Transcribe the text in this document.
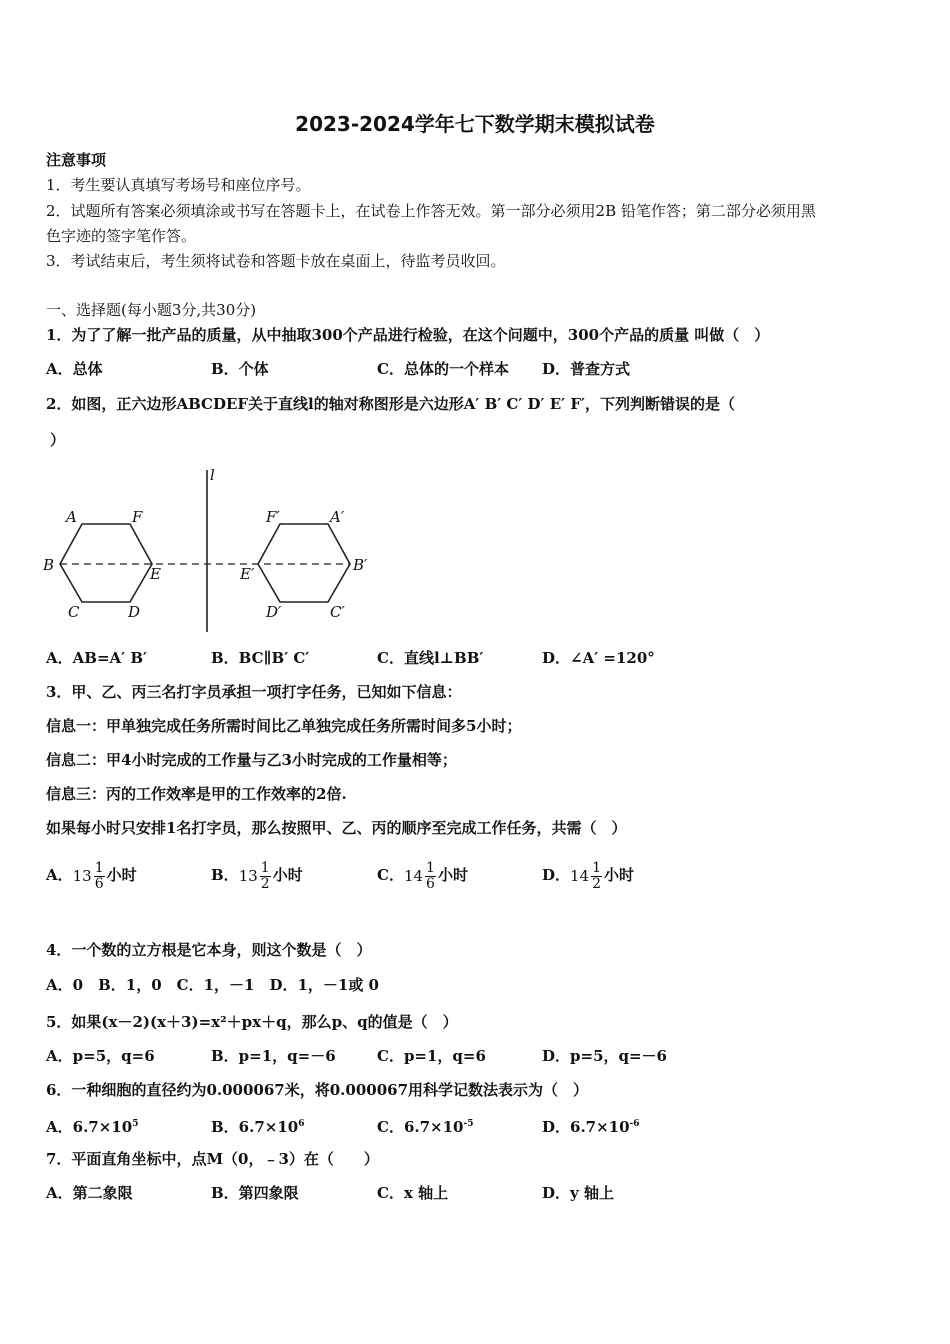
2023-2024学年七下数学期末模拟试卷
注意事项
1．考生要认真填写考场号和座位序号。
2．试题所有答案必须填涂或书写在答题卡上，在试卷上作答无效。第一部分必须用2B 铅笔作答；第二部分必须用黑
色字迹的签字笔作答。
3．考试结束后，考生须将试卷和答题卡放在桌面上，待监考员收回。
一、选择题(每小题3分,共30分)
1．为了了解一批产品的质量，从中抽取300个产品进行检验，在这个问题中，300个产品的质量 叫做（　）
A．总体	B．个体	C．总体的一个样本 D．普查方式
2．如图，正六边形ABCDEF关于直线l的轴对称图形是六边形A′ B′ C′ D′ E′ F′，下列判断错误的是（
）
l
A	F
B	E
C	D
F′	A′
E′	B′
D′	C′
A．AB=A′ B′	B．BC∥B′ C′	C．直线l⊥BB′	D．∠A′ =120°
3．甲、乙、丙三名打字员承担一项打字任务，已知如下信息：
信息一：甲单独完成任务所需时间比乙单独完成任务所需时间多5小时；
信息二：甲4小时完成的工作量与乙3小时完成的工作量相等；
信息三：丙的工作效率是甲的工作效率的2倍.
如果每小时只安排1名打字员，那么按照甲、乙、丙的顺序至完成工作任务，共需（　）
A．$13 \frac{1}{6}$ 小时	B．$13 \frac{1}{2}$ 小时	C．$14 \frac{1}{6}$ 小时	D．$14 \frac{1}{2}$ 小时
4．一个数的立方根是它本身，则这个数是（　）
A．0　B．1，0　C．1，－1　D．1，－1或 0
5．如果(x－2)(x＋3)=x²＋px＋q，那么p、q的值是（　）
A．p=5，q=6	B．p=1，q=－6	C．p=1，q=6	D．p=5，q=－6
6．一种细胞的直径约为0.000067米，将0.000067用科学记数法表示为（　）
A．$6.7\times 10^5$	B．$6.7\times 10^6$	C．$6.7\times 10^{-5}$	D．$6.7\times 10^{-6}$
7．平面直角坐标中，点M（0，﹣3）在（　　）
A．第二象限	B．第四象限	C．x 轴上	D．y 轴上
